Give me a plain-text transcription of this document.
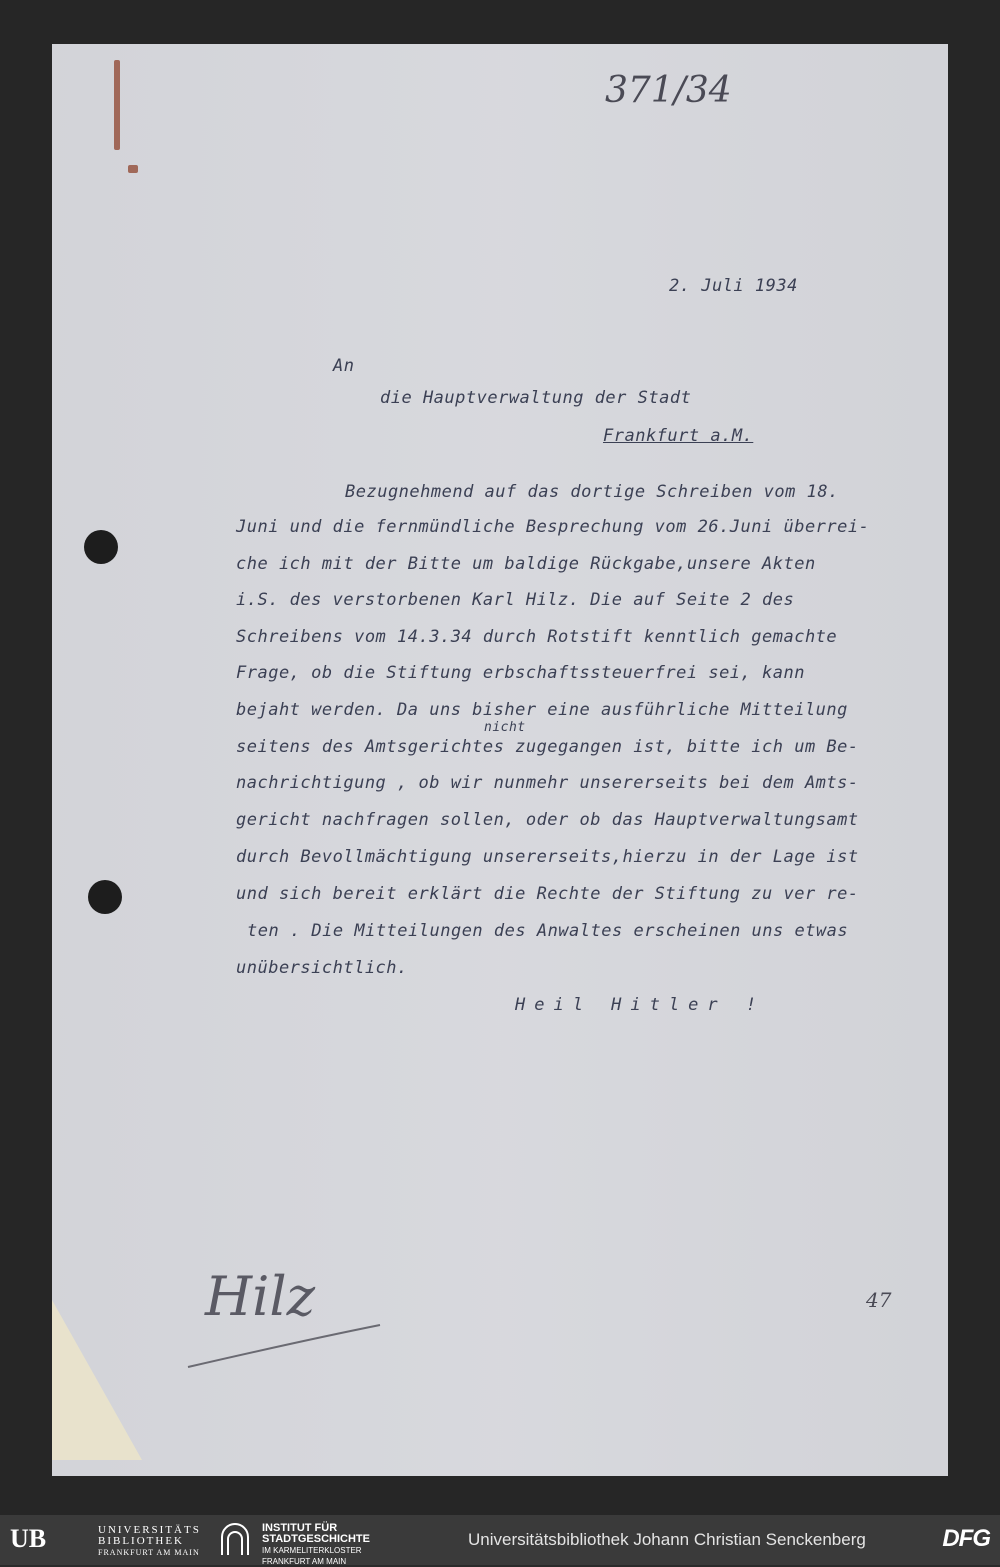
371/34
2. Juli 1934
An
die Hauptverwaltung der Stadt
Frankfurt a.M.
Bezugnehmend auf das dortige Schreiben vom 18.
Juni und die fernmündliche Besprechung vom 26.Juni überrei-
che ich mit der Bitte um baldige Rückgabe,unsere Akten
i.S. des verstorbenen Karl Hilz. Die auf Seite 2 des
Schreibens vom 14.3.34 durch Rotstift kenntlich gemachte
Frage, ob die Stiftung erbschaftssteuerfrei sei, kann
bejaht werden. Da uns bisher eine ausführliche Mitteilung
nicht
seitens des Amtsgerichtes zugegangen ist, bitte ich um Be-
nachrichtigung , ob wir nunmehr unsererseits bei dem Amts-
gericht nachfragen sollen, oder ob das Hauptverwaltungsamt
durch Bevollmächtigung unsererseits,hierzu in der Lage ist
und sich bereit erklärt die Rechte der Stiftung zu ver re-
ten . Die Mitteilungen des Anwaltes erscheinen uns etwas
unübersichtlich.
Heil Hitler !
Hilz	47
UB	UNIVERSITÄTS
BIBLIOTHEK
FRANKFURT AM MAIN
INSTITUT FÜR
STADTGESCHICHTE
IM KARMELITERKLOSTER
FRANKFURT AM MAIN
Universitätsbibliothek Johann Christian Senckenberg	DFG
